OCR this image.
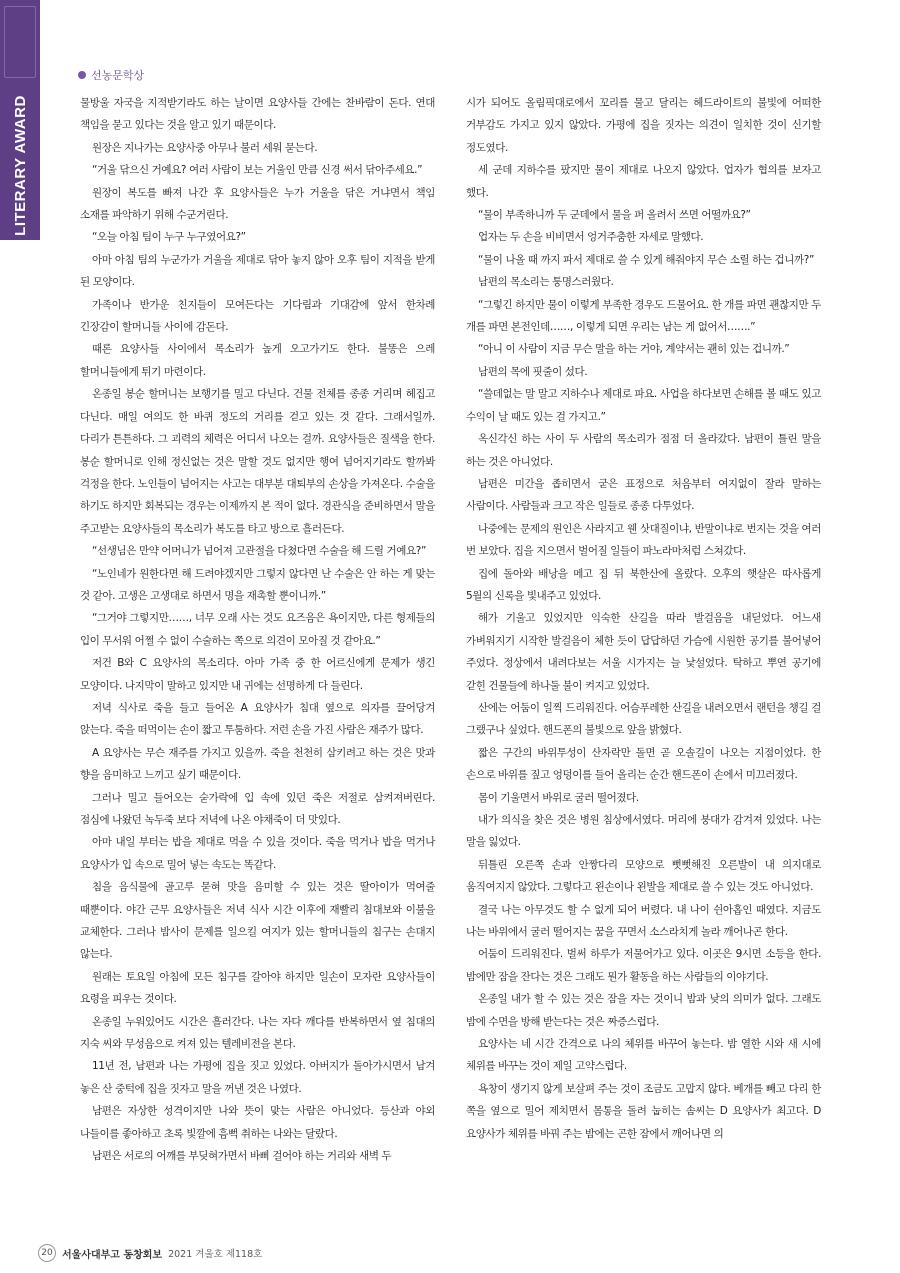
LITERARY AWARD
선농문학상

물방울 자국을 지적받기라도 하는 날이면 요양사들 간에는 찬바람이 돈다. 연대 책임을 묻고 있다는 것을 알고 있기 때문이다.

원장은 지나가는 요양사중 아무나 불러 세워 묻는다.

“거울 닦으신 거예요? 여러 사람이 보는 거울인 만큼 신경 써서 닦아주세요.”

원장이 복도를 빠져 나간 후 요양사들은 누가 거울을 닦은 거냐면서 책임 소재를 파악하기 위해 수군거린다.

“오늘 아침 팀이 누구 누구였어요?”

아마 아침 팀의 누군가가 거울을 제대로 닦아 놓지 않아 오후 팀이 지적을 받게 된 모양이다.

가족이나 반가운 친지들이 모여든다는 기다림과 기대감에 앞서 한차례 긴장감이 할머니들 사이에 감돈다.

때론 요양사들 사이에서 목소리가 높게 오고가기도 한다. 불똥은 으레 할머니들에게 튀기 마련이다.

온종일 봉순 할머니는 보행기를 밀고 다닌다. 건물 전체를 종종 거리며 헤집고 다닌다. 매일 여의도 한 바퀴 정도의 거리를 걷고 있는 것 같다. 그래서일까. 다리가 튼튼하다. 그 괴력의 체력은 어디서 나오는 걸까. 요양사들은 질색을 한다. 봉순 할머니로 인해 정신없는 것은 말할 것도 없지만 행여 넘어지기라도 할까봐 걱정을 한다. 노인들이 넘어지는 사고는 대부분 대퇴부의 손상을 가져온다. 수술을 하기도 하지만 회복되는 경우는 이제까지 본 적이 없다. 경관식을 준비하면서 말을 주고받는 요양사들의 목소리가 복도를 타고 방으로 흘러든다.

“선생님은 만약 어머니가 넘어져 고관절을 다쳤다면 수술을 해 드릴 거예요?”

“노인네가 원한다면 해 드려야겠지만 그렇지 않다면 난 수술은 안 하는 게 맞는 것 같아. 고생은 고생대로 하면서 명을 재촉할 뿐이니까.”

“그거야 그렇지만……, 너무 오래 사는 것도 요즈음은 욕이지만, 다른 형제들의 입이 무서워 어쩔 수 없이 수술하는 쪽으로 의견이 모아질 것 같아요.”

저건 B와 C 요양사의 목소리다. 아마 가족 중 한 어르신에게 문제가 생긴 모양이다. 나지막이 말하고 있지만 내 귀에는 선명하게 다 들린다.

저녁 식사로 죽을 들고 들어온 A 요양사가 침대 옆으로 의자를 끌어당겨 앉는다. 죽을 떠먹이는 손이 짧고 투툼하다. 저런 손을 가진 사람은 재주가 많다.

A 요양사는 무슨 재주를 가지고 있을까. 죽을 천천히 삼키려고 하는 것은 맛과 향을 음미하고 느끼고 싶기 때문이다.

그러나 밀고 들어오는 숟가락에 입 속에 있던 죽은 저절로 삼켜져버린다. 점심에 나왔던 녹두죽 보다 저녁에 나온 야채죽이 더 맛있다.

아마 내일 부터는 밥을 제대로 먹을 수 있을 것이다. 죽을 먹거나 밥을 먹거나 요양사가 입 속으로 밀어 넣는 속도는 똑같다.

침을 음식물에 골고루 묻혀 맛을 음미할 수 있는 것은 딸아이가 먹여줄 때뿐이다. 야간 근무 요양사들은 저녁 식사 시간 이후에 재빨리 침대보와 이불을 교체한다. 그러나 밤사이 문제를 일으킬 여지가 있는 할머니들의 침구는 손대지 않는다.

원래는 토요일 아침에 모든 침구를 갈아야 하지만 일손이 모자란 요양사들이 요령을 피우는 것이다.

온종일 누워있어도 시간은 흘러간다. 나는 자다 깨다를 반복하면서 옆 침대의 지숙 씨와 무성음으로 켜져 있는 텔레비전을 본다.

11년 전, 남편과 나는 가평에 집을 짓고 있었다. 아버지가 돌아가시면서 남겨 놓은 산 중턱에 집을 짓자고 말을 꺼낸 것은 나였다.

남편은 자상한 성격이지만 나와 뜻이 맞는 사람은 아니었다. 등산과 야외 나들이를 좋아하고 초록 빛깔에 흠뻑 취하는 나와는 달랐다.

남편은 서로의 어깨를 부딪혀가면서 바삐 걸어야 하는 거리와 새벽 두

시가 되어도 올림픽대로에서 꼬리를 물고 달리는 헤드라이트의 불빛에 어떠한 거부감도 가지고 있지 않았다. 가평에 집을 짓자는 의견이 일치한 것이 신기할 정도였다.

세 군데 지하수를 팠지만 물이 제대로 나오지 않았다. 업자가 협의를 보자고 했다.

“물이 부족하니까 두 군데에서 물을 퍼 올려서 쓰면 어떨까요?”

업자는 두 손을 비비면서 엉거주춤한 자세로 말했다.

“물이 나올 때 까지 파서 제대로 쓸 수 있게 해줘야지 무슨 소릴 하는 겁니까?”

남편의 목소리는 퉁명스러웠다.

“그렇긴 하지만 물이 이렇게 부족한 경우도 드물어요. 한 개를 파면 괜찮지만 두 개를 파면 본전인데……, 이렇게 되면 우리는 남는 게 없어서…….”

“아니 이 사람이 지금 무슨 말을 하는 거야, 계약서는 괜히 있는 겁니까.”

남편의 목에 핏줄이 섰다.

“쓸데없는 말 말고 지하수나 제대로 파요. 사업을 하다보면 손해를 볼 때도 있고 수익이 날 때도 있는 걸 가지고.”

옥신각신 하는 사이 두 사람의 목소리가 점점 더 올라갔다. 남편이 틀린 말을 하는 것은 아니었다.

남편은 미간을 좁히면서 굳은 표정으로 처음부터 여지없이 잘라 말하는 사람이다. 사람들과 크고 작은 일들로 종종 다투었다.

나중에는 문제의 원인은 사라지고 웬 삿대질이냐, 반말이냐로 번지는 것을 여러 번 보았다. 집을 지으면서 벌어질 일들이 파노라마처럼 스쳐갔다.

집에 돌아와 배낭을 메고 집 뒤 북한산에 올랐다. 오후의 햇살은 따사롭게 5월의 신록을 빛내주고 있었다.

해가 기울고 있었지만 익숙한 산길을 따라 발걸음을 내딛었다. 어느새 가벼워지기 시작한 발걸음이 체한 듯이 답답하던 가슴에 시원한 공기를 불어넣어 주었다. 정상에서 내려다보는 서울 시가지는 늘 낯설었다. 탁하고 뿌연 공기에 갇힌 건물들에 하나둘 불이 켜지고 있었다.

산에는 어둠이 일찍 드리워진다. 어슴푸레한 산길을 내려오면서 랜턴을 챙길 걸 그랬구나 싶었다. 핸드폰의 불빛으로 앞을 밝혔다.

짧은 구간의 바위투성이 산자락만 돌면 곧 오솔길이 나오는 지점이었다. 한 손으로 바위를 짚고 엉덩이를 들어 올리는 순간 핸드폰이 손에서 미끄러졌다.

몸이 기울면서 바위로 굴러 떨어졌다.

내가 의식을 찾은 것은 병원 침상에서였다. 머리에 붕대가 감겨져 있었다. 나는 말을 잃었다.

뒤틀린 오른쪽 손과 안짱다리 모양으로 뻣뻣해진 오른발이 내 의지대로 움직여지지 않았다. 그렇다고 왼손이나 왼발을 제대로 쓸 수 있는 것도 아니었다.

결국 나는 아무것도 할 수 없게 되어 버렸다. 내 나이 쉰아홉인 때였다. 지금도 나는 바위에서 굴러 떨어지는 꿈을 꾸면서 소스라치게 놀라 깨어나곤 한다.

어둠이 드리워진다. 벌써 하루가 저물어가고 있다. 이곳은 9시면 소등을 한다. 밤에만 잠을 잔다는 것은 그래도 뭔가 활동을 하는 사람들의 이야기다.

온종일 내가 할 수 있는 것은 잠을 자는 것이니 밤과 낮의 의미가 없다. 그래도 밤에 수면을 방해 받는다는 것은 짜증스럽다.

요양사는 네 시간 간격으로 나의 체위를 바꾸어 놓는다. 밤 열한 시와 새 시에 체위를 바꾸는 것이 제일 고약스럽다.

욕창이 생기지 않게 보살펴 주는 것이 조금도 고맙지 않다. 베개를 빼고 다리 한 쪽을 옆으로 밀어 제치면서 몸통을 돌려 눕히는 솜씨는 D 요양사가 최고다. D 요양사가 체위를 바꿔 주는 밤에는 곤한 잠에서 깨어나면 의

20 서울사대부고 동창회보 2021 겨울호 제118호
